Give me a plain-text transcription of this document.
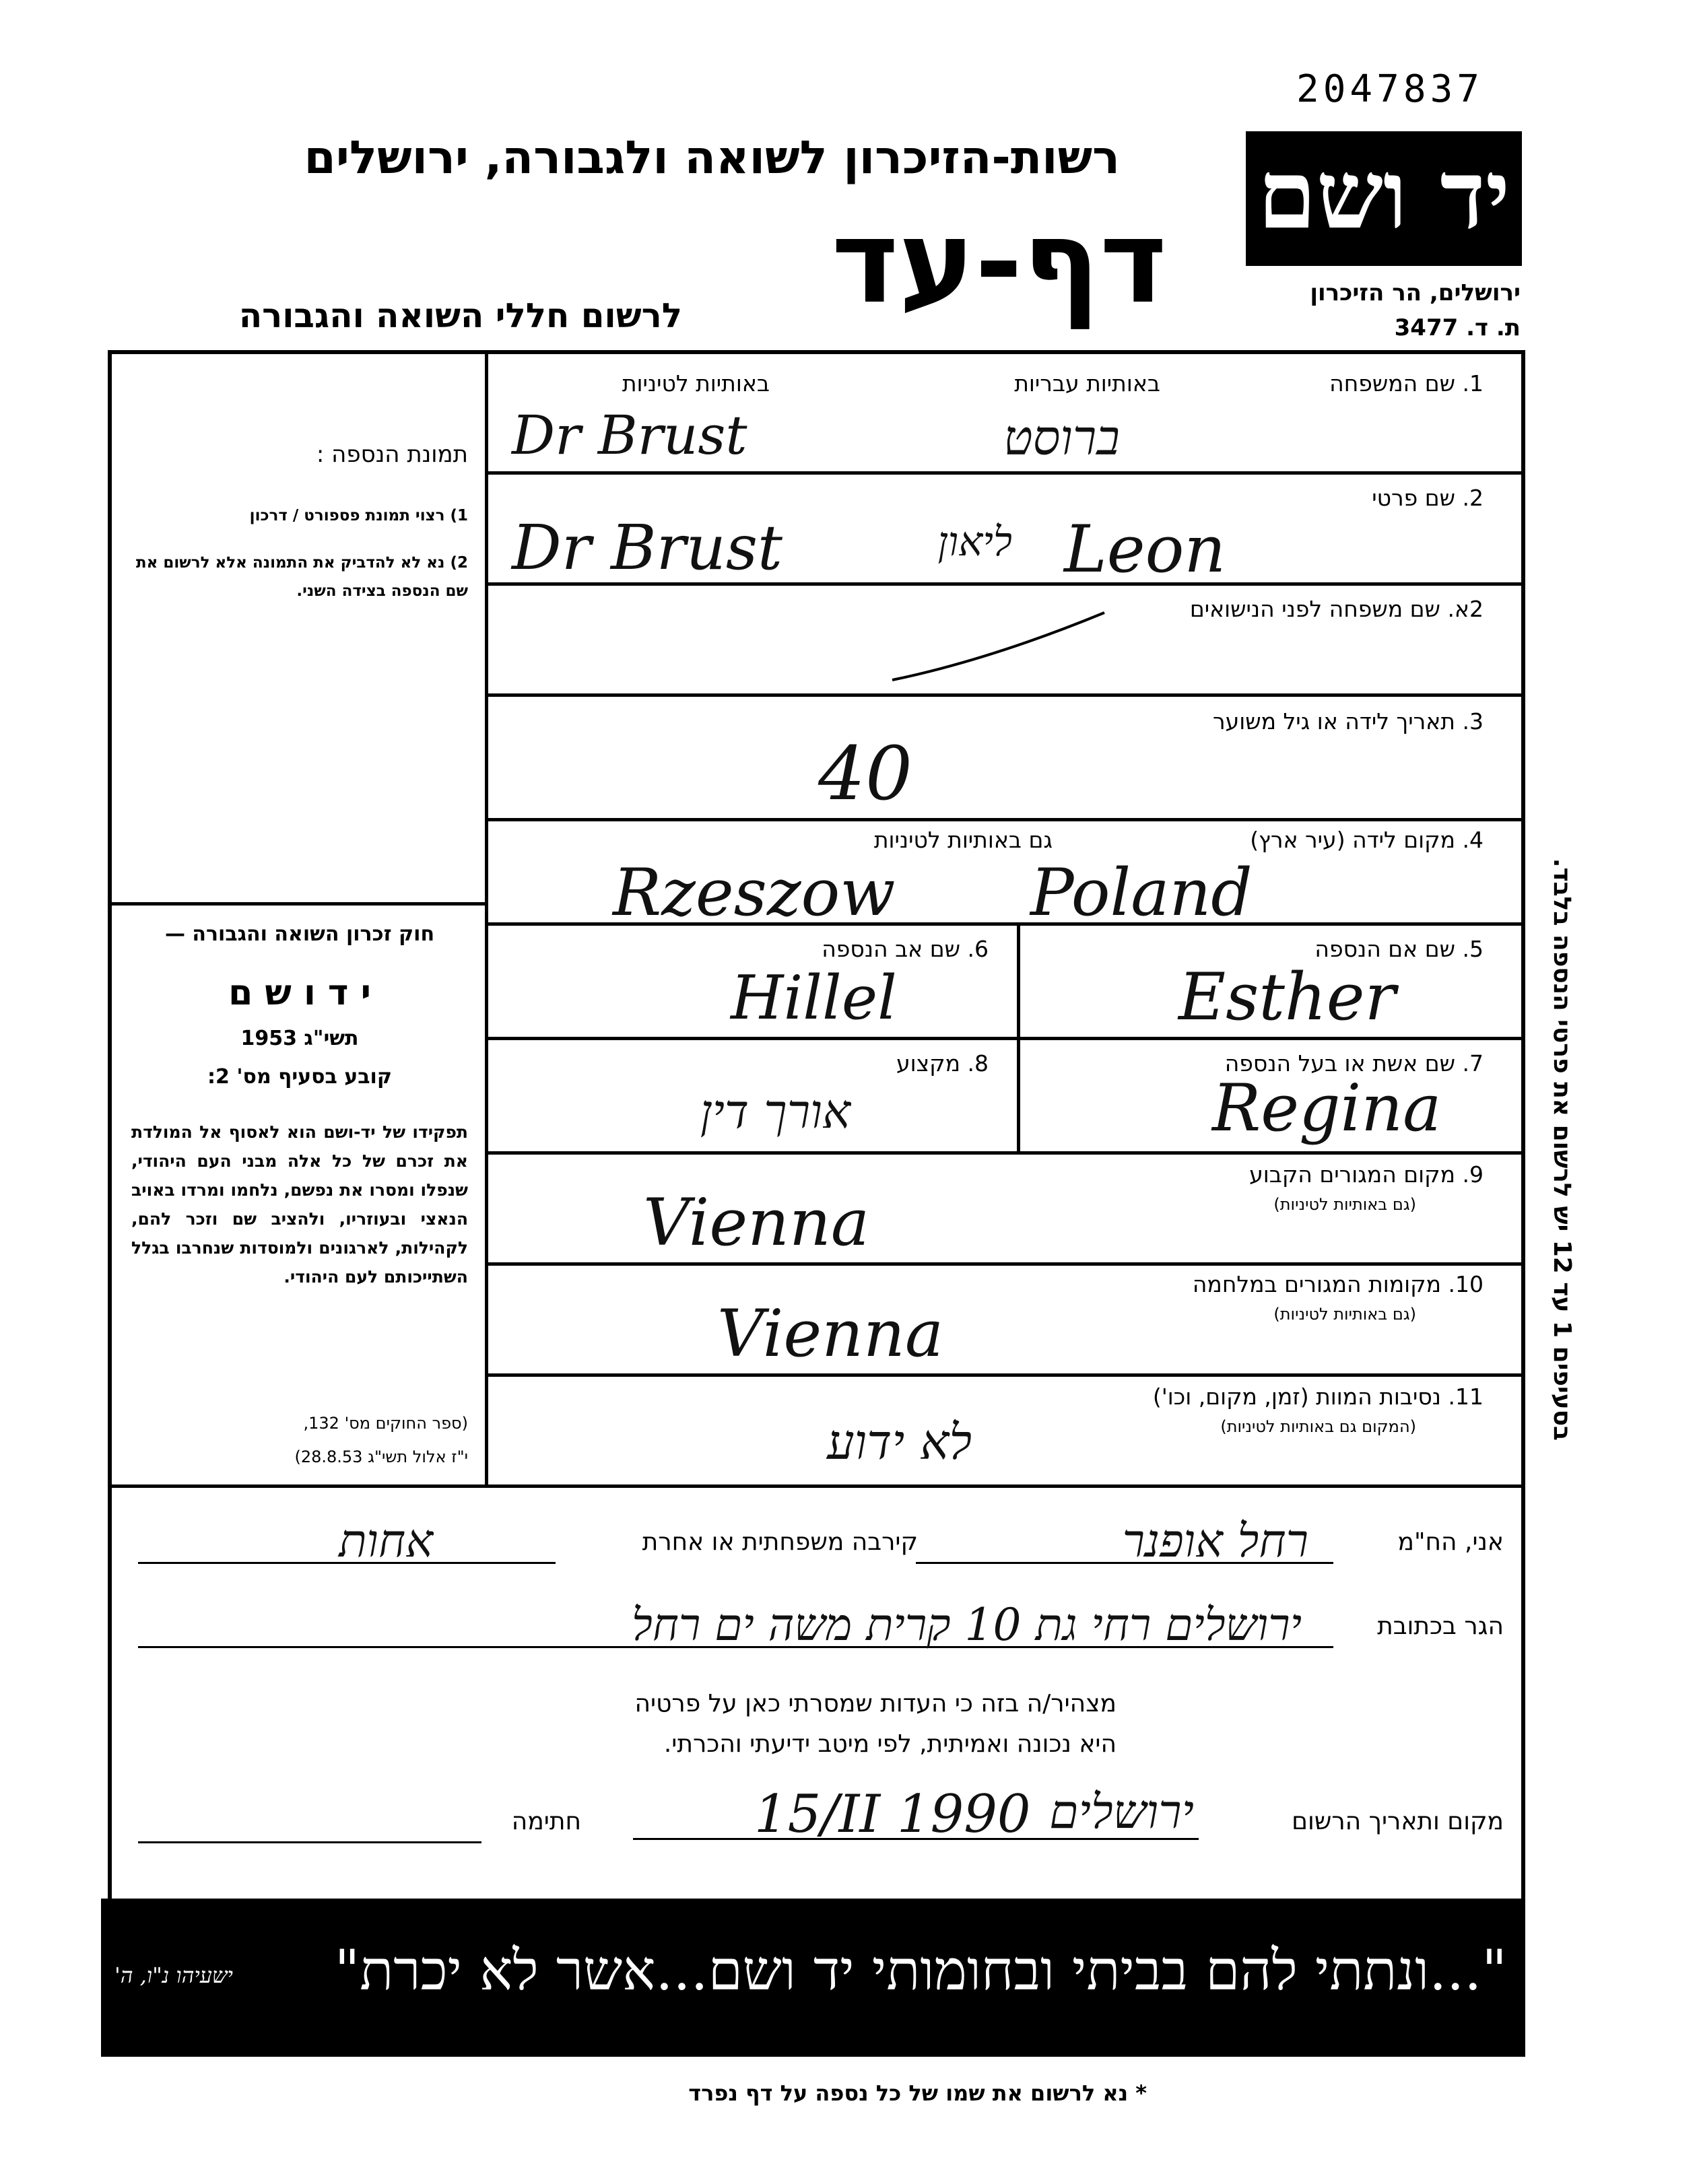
2047837
יד ושם
ירושלים, הר הזיכרון
ת. ד. 3477
רשות-הזיכרון לשואה ולגבורה, ירושלים
דף-עד
לרשום חללי השואה והגבורה
1. שם המשפחה
באותיות עבריות
באותיות לטיניות
Dr Brust	ברוסט
2. שם פרטי
Dr Brust	ליאון Leon
2א. שם משפחה לפני הנישואים
3. תאריך לידה או גיל משוער
40
4. מקום לידה (עיר ארץ)
גם באותיות לטיניות
Rzeszow Poland
5. שם אם הנספה
Esther
6. שם אב הנספה
Hillel
7. שם אשת או בעל הנספה
Regina
8. מקצוע
אורך דין
9. מקום המגורים הקבוע
(גם באותיות לטיניות)
Vienna
10. מקומות המגורים במלחמה
(גם באותיות לטיניות)
Vienna
11. נסיבות המוות (זמן, מקום, וכו')
(המקום גם באותיות לטיניות)
לא ידוע
תמונת הנספה :
1) רצוי תמונת פספורט / דרכון
2) נא לא להדביק את התמונה אלא לרשום את שם הנספה בצידה השני.
חוק זכרון השואה והגבורה —
י ד ו ש ם
תשי"ג 1953
קובע בסעיף מס' 2:
תפקידו של יד-ושם הוא לאסוף אל המולדת את זכרם של כל אלה מבני העם היהודי, שנפלו ומסרו את נפשם, נלחמו ומרדו באויב הנאצי ובעוזריו, ולהציב שם וזכר להם, לקהילות, לארגונים ולמוסדות שנחרבו בגלל השתייכותם לעם היהודי.
(ספר החוקים מס' 132,
י"ז אלול תשי"ג 28.8.53)
אני, הח"מ
רחל אופנר
קירבה משפחתית או אחרת
אחות
הגר בכתובת
ירושלים רחי גת 10 קרית משה ים רחל
מצהיר/ה בזה כי העדות שמסרתי כאן על פרטיה
היא נכונה ואמיתית, לפי מיטב ידיעתי והכרתי.
מקום ותאריך הרשום
ירושלים
15/II 1990
חתימה
"...ונתתי להם בביתי ובחומותי יד ושם...אשר לא יכרת"
ישעיהו נ"ו, ה'
224024
בסעיפים 1 עד 12 יש לרשום את פרטי הנספה בלבד.
* נא לרשום את שמו של כל נספה על דף נפרד
